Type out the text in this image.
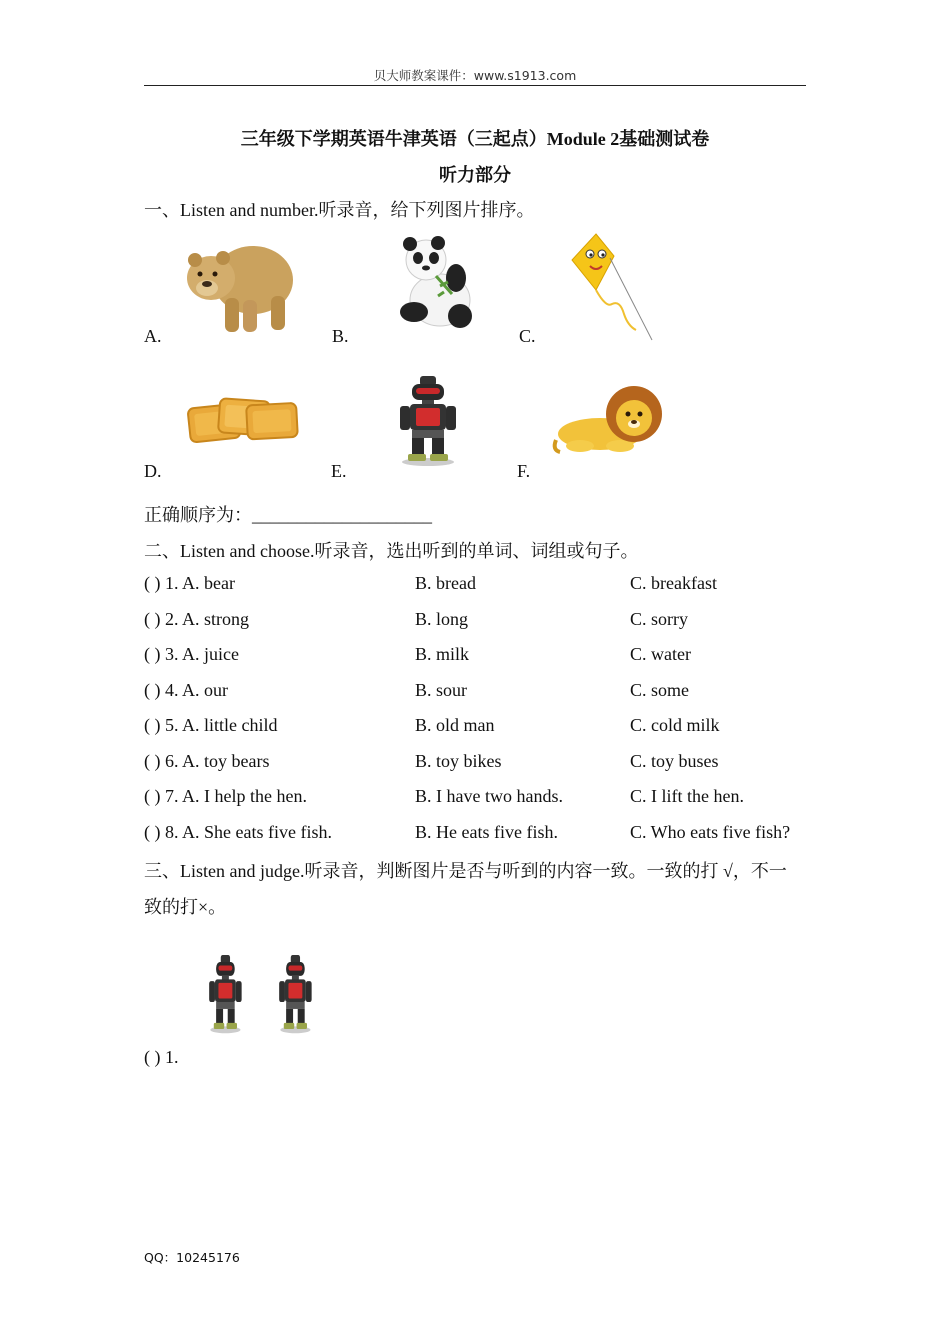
贝大师教案课件：www.s1913.com
三年级下学期英语牛津英语（三起点）Module 2基础测试卷
听力部分
一、Listen and number.听录音，给下列图片排序。
A.	B.	C.
D.	E.	F.
正确顺序为：____________________
二、Listen and choose.听录音，选出听到的单词、词组或句子。
( ) 1. A. bear	B. bread	C. breakfast
( ) 2. A. strong	B. long	C. sorry
( ) 3. A. juice	B. milk	C. water
( ) 4. A. our	B. sour	C. some
( ) 5. A. little child	B. old man	C. cold milk
( ) 6. A. toy bears	B. toy bikes	C. toy buses
( ) 7. A. I help the hen.	B. I have two hands.	C. I lift the hen.
( ) 8. A. She eats five fish.	B. He eats five fish.	C. Who eats five fish?
三、Listen and judge.听录音，判断图片是否与听到的内容一致。一致的打 √，不一
致的打×。
( ) 1.
QQ：10245176
